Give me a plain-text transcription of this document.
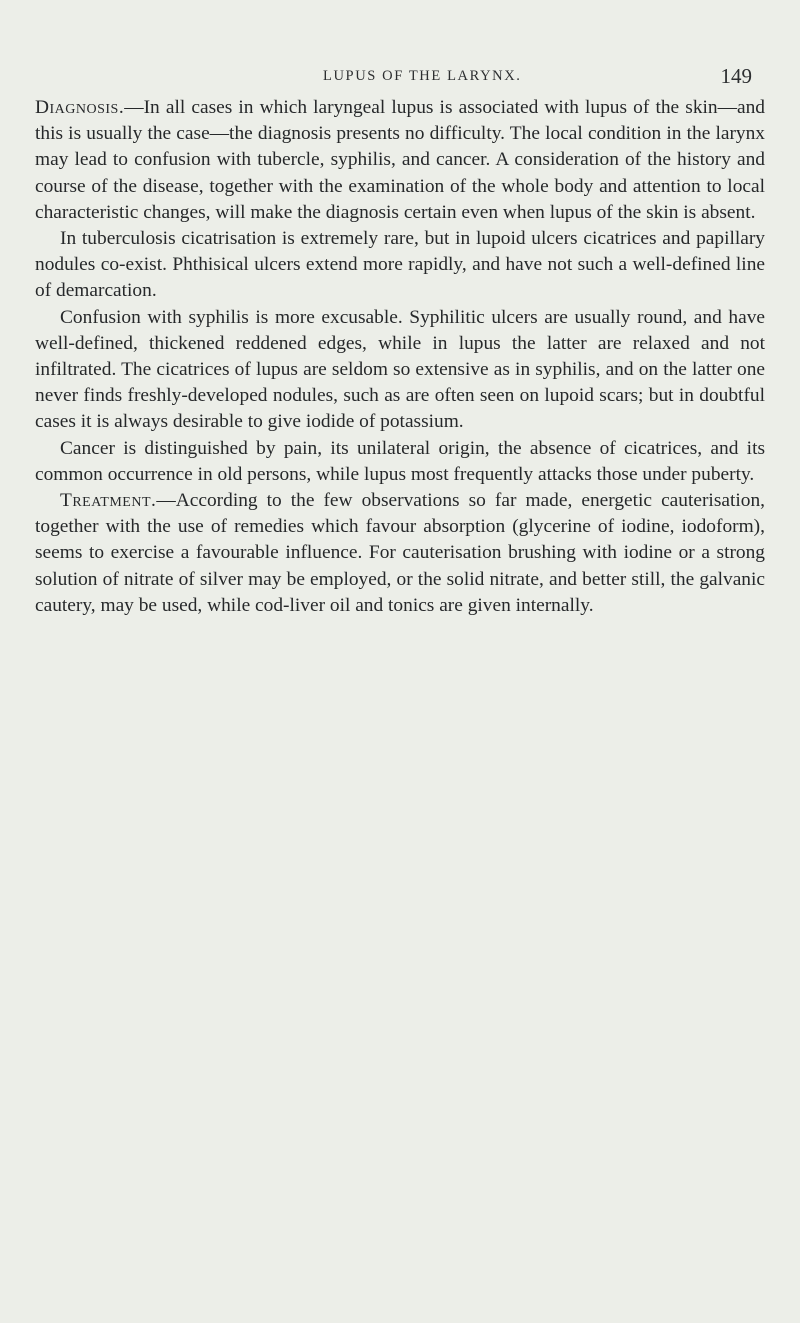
LUPUS OF THE LARYNX.	149

Diagnosis.—In all cases in which laryngeal lupus is associated with lupus of the skin—and this is usually the case—the diagnosis presents no difficulty. The local condition in the larynx may lead to confusion with tubercle, syphilis, and cancer. A consideration of the history and course of the disease, together with the examination of the whole body and attention to local characteristic changes, will make the diagnosis certain even when lupus of the skin is absent.

In tuberculosis cicatrisation is extremely rare, but in lupoid ulcers cicatrices and papillary nodules co-exist. Phthisical ulcers extend more rapidly, and have not such a well-defined line of demarcation.

Confusion with syphilis is more excusable. Syphilitic ulcers are usually round, and have well-defined, thickened reddened edges, while in lupus the latter are relaxed and not infiltrated. The cicatrices of lupus are seldom so extensive as in syphilis, and on the latter one never finds freshly-developed nodules, such as are often seen on lupoid scars; but in doubtful cases it is always desirable to give iodide of potassium.

Cancer is distinguished by pain, its unilateral origin, the absence of cicatrices, and its common occurrence in old persons, while lupus most frequently attacks those under puberty.

Treatment.—According to the few observations so far made, energetic cauterisation, together with the use of remedies which favour absorption (glycerine of iodine, iodoform), seems to exercise a favourable influence. For cauterisation brushing with iodine or a strong solution of nitrate of silver may be employed, or the solid nitrate, and better still, the galvanic cautery, may be used, while cod-liver oil and tonics are given internally.
